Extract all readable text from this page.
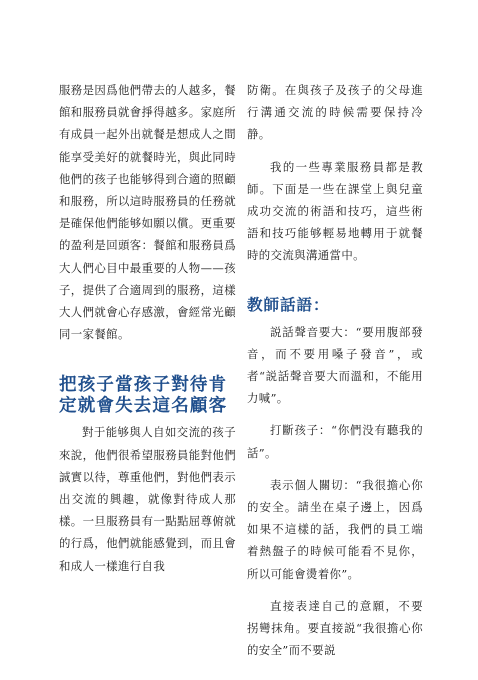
服務是因爲他們帶去的人越多，餐館和服務員就會掙得越多。家庭所有成員一起外出就餐是想成人之間能享受美好的就餐時光，與此同時他們的孩子也能够得到合適的照顧和服務，所以這時服務員的任務就是確保他們能够如願以償。更重要的盈利是回頭客：餐館和服務員爲大人們心目中最重要的人物——孩子，提供了合適周到的服務，這樣大人們就會心存感激，會經常光顧同一家餐館。

把孩子當孩子對待肯定就會失去這名顧客

對于能够與人自如交流的孩子來說，他們很希望服務員能對他們誠實以待，尊重他們，對他們表示出交流的興趣，就像對待成人那樣。一旦服務員有一點點屈尊俯就的行爲，他們就能感覺到，而且會和成人一樣進行自我

防衛。在與孩子及孩子的父母進行溝通交流的時候需要保持冷静。

我的一些專業服務員都是教師。下面是一些在課堂上與兒童成功交流的術語和技巧，這些術語和技巧能够輕易地轉用于就餐時的交流與溝通當中。

教師話語：

説話聲音要大：“要用腹部發音，而不要用嗓子發音”，或者“説話聲音要大而溫和，不能用力喊”。

打斷孩子：“你們没有聽我的話”。

表示個人關切：“我很擔心你的安全。請坐在桌子邊上，因爲如果不這樣的話，我們的員工端着熱盤子的時候可能看不見你，所以可能會燙着你”。

直接表達自己的意願，不要拐彎抹角。要直接説“我很擔心你的安全”而不要説
